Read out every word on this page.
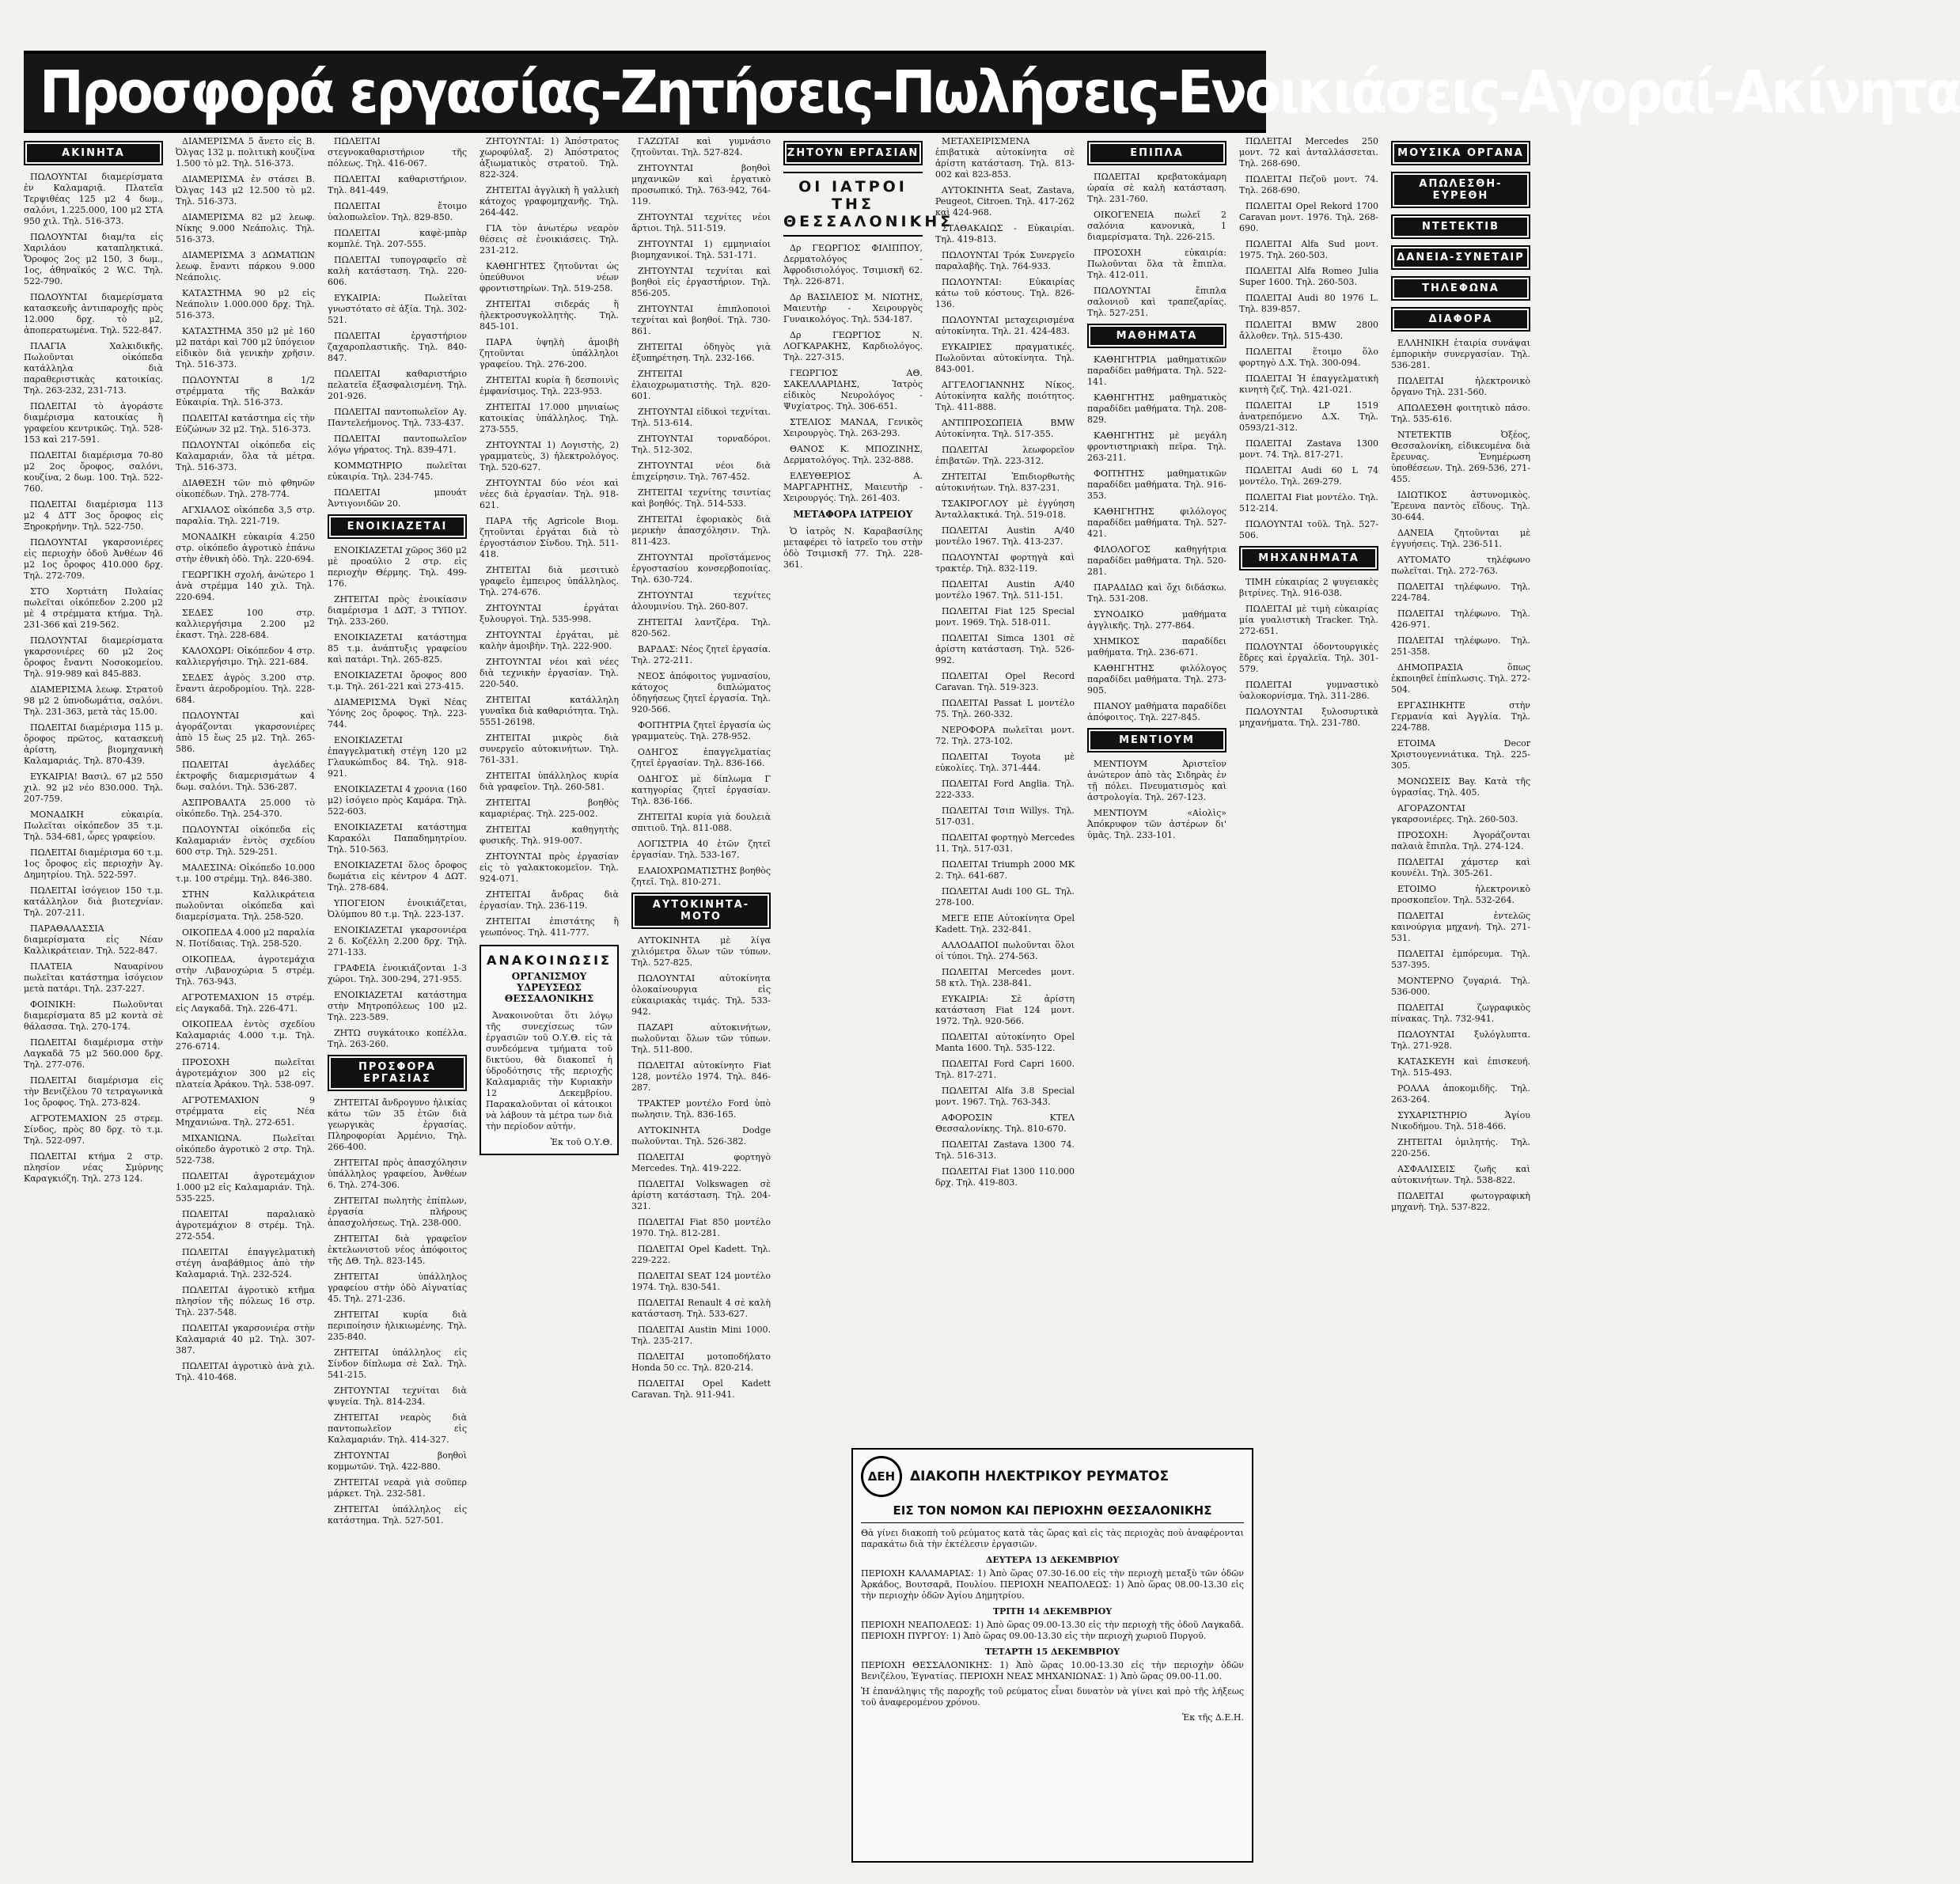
Προσφορά εργασίας-Ζητήσεις-Πωλήσεις-Ενοικιάσεις-Αγοραί-Ακίνητα
ΑΚΙΝΗΤΑ

ΠΩΛΟΥΝΤΑΙ διαμερίσματα ἐν Καλαμαριᾷ. Πλατεῖα Τερψιθέας 125 μ2 4 δωμ., σαλόνι, 1.225.000, 100 μ2 ΣΤΑ 950 χιλ. Τηλ. 516-373.

ΠΩΛΟΥΝΤΑΙ διαμ/τα εἰς Χαριλάου καταπληκτικά. Ὄροφος 2ος μ2 150, 3 δωμ., 1ος, ἀθηναϊκός 2 W.C. Τηλ. 522-790.

ΠΩΛΟΥΝΤΑΙ διαμερίσματα κατασκευῆς ἀντιπαροχῆς πρὸς 12.000 δρχ. τὸ μ2, ἀποπερατωμένα. Τηλ. 522-847.

ΠΛΑΓΙΑ Χαλκιδικῆς. Πωλοῦνται οἰκόπεδα κατάλληλα διὰ παραθεριστικὰς κατοικίας. Τηλ. 263-232, 231-713.

ΠΩΛΕΙΤΑΙ τὸ ἀγοράστε διαμέρισμα κατοικίας ἢ γραφείου κεντρικῶς. Τηλ. 528-153 καὶ 217-591.

ΠΩΛΕΙΤΑΙ διαμέρισμα 70-80 μ2 2ος ὄροφος, σαλόνι, κουζίνα, 2 δωμ. 100. Τηλ. 522-760.

ΠΩΛΕΙΤΑΙ διαμέρισμα 113 μ2 4 ΔΤΤ 3ος ὄροφος εἰς Ξηροκρήνην. Τηλ. 522-750.

ΠΩΛΟΥΝΤΑΙ γκαρσονιέρες εἰς περιοχὴν ὁδοῦ Ἀνθέων 46 μ2 1ος ὄροφος 410.000 δρχ. Τηλ. 272-709.

ΣΤΟ Χορτιάτη Πυλαίας πωλεῖται οἰκόπεδον 2.200 μ2 μὲ 4 στρέμματα κτήμα. Τηλ. 231-366 καὶ 219-562.

ΠΩΛΟΥΝΤΑΙ διαμερίσματα γκαρσονιέρες 60 μ2 2ος ὄροφος ἔναντι Νοσοκομείου. Τηλ. 919-989 καὶ 845-883.

ΔΙΑΜΕΡΙΣΜΑ λεωφ. Στρατοῦ 98 μ2 2 ὑπνοδωμάτια, σαλόνι. Τηλ. 231-363, μετὰ τὰς 15.00.

ΠΩΛΕΙΤΑΙ διαμέρισμα 115 μ. ὄροφος πρῶτος, κατασκευὴ ἀρίστη, βιομηχανικὴ Καλαμαριάς. Τηλ. 870-439.

ΕΥΚΑΙΡΙΑ! Βασιλ. 67 μ2 550 χιλ. 92 μ2 νέο 830.000. Τηλ. 207-759.

ΜΟΝΑΔΙΚΗ εὐκαιρία. Πωλεῖται οἰκόπεδον 35 τ.μ. Τηλ. 534-681, ὧρες γραφείου.

ΠΩΛΕΙΤΑΙ διαμέρισμα 60 τ.μ. 1ος ὄροφος εἰς περιοχὴν Ἀγ. Δημητρίου. Τηλ. 522-597.

ΠΩΛΕΙΤΑΙ ἰσόγειον 150 τ.μ. κατάλληλον διὰ βιοτεχνίαν. Τηλ. 207-211.

ΠΑΡΑΘΑΛΑΣΣΙΑ διαμερίσματα εἰς Νέαν Καλλικράτειαν. Τηλ. 522-847.

ΠΛΑΤΕΙΑ Ναυαρίνου πωλεῖται κατάστημα ἰσόγειον μετὰ πατάρι. Τηλ. 237-227.

ΦΟΙΝΙΚΗ: Πωλοῦνται διαμερίσματα 85 μ2 κοντὰ σὲ θάλασσα. Τηλ. 270-174.

ΠΩΛΕΙΤΑΙ διαμέρισμα στὴν Λαγκαδᾶ 75 μ2 560.000 δρχ. Τηλ. 277-076.

ΠΩΛΕΙΤΑΙ διαμέρισμα εἰς τὴν Βενιζέλου 70 τετραγωνικὰ 1ος ὄροφος. Τηλ. 273-824.

ΑΓΡΟΤΕΜΑΧΙΟΝ 25 στρεμ. Σίνδος, πρὸς 80 δρχ. τὸ τ.μ. Τηλ. 522-097.

ΠΩΛΕΙΤΑΙ κτήμα 2 στρ. πλησίον νέας Σμύρνης Καραγκιόζη. Τηλ. 273 124.

ΔΙΑΜΕΡΙΣΜΑ 5 ἄνετο εἰς Β. Ὀλγας 132 μ. πολιτικὴ κουζίνα 1.500 τὸ μ2. Τηλ. 516-373.

ΔΙΑΜΕΡΙΣΜΑ ἐν στάσει Β. Ὀλγας 143 μ2 12.500 τὸ μ2. Τηλ. 516-373.

ΔΙΑΜΕΡΙΣΜΑ 82 μ2 λεωφ. Νίκης 9.000 Νεάπολις. Τηλ. 516-373.

ΔΙΑΜΕΡΙΣΜΑ 3 ΔΩΜΑΤΙΩΝ λεωφ. ἔναντι πάρκου 9.000 Νεάπολις.

ΚΑΤΑΣΤΗΜΑ 90 μ2 εἰς Νεάπολιν 1.000.000 δρχ. Τηλ. 516-373.

ΚΑΤΑΣΤΗΜΑ 350 μ2 μὲ 160 μ2 πατάρι καὶ 700 μ2 ὑπόγειον εἰδικὸν διὰ γενικὴν χρῆσιν. Τηλ. 516-373.

ΠΩΛΟΥΝΤΑΙ 8 1/2 στρέμματα τῆς Βαλκάν Εὐκαιρία. Τηλ. 516-373.

ΠΩΛΕΙΤΑΙ κατάστημα εἰς τὴν Εὐζώνων 32 μ2. Τηλ. 516-373.

ΠΩΛΟΥΝΤΑΙ οἰκόπεδα εἰς Καλαμαριάν, ὅλα τὰ μέτρα. Τηλ. 516-373.

ΔΙΑΘΕΣΗ τῶν πιὸ φθηνῶν οἰκοπέδων. Τηλ. 278-774.

ΑΓΧΙΑΛΟΣ οἰκόπεδα 3,5 στρ. παραλία. Τηλ. 221-719.

ΜΟΝΑΔΙΚΗ εὐκαιρία 4.250 στρ. οἰκόπεδο ἀγροτικὸ ἐπάνω στὴν ἐθνικὴ ὁδὸ. Τηλ. 220-694.

ΓΕΩΡΓΙΚΗ σχολή, ἀνώτερο 1 ἀνὰ στρέμμα 140 χιλ. Τηλ. 220-694.

ΣΕΔΕΣ 100 στρ. καλλιεργήσιμα 2.200 μ2 ἑκαστ. Τηλ. 228-684.

ΚΑΛΟΧΩΡΙ: Οἰκόπεδον 4 στρ. καλλιεργήσιμο. Τηλ. 221-684.

ΣΕΔΕΣ ἀγρὸς 3.200 στρ. ἔναντι ἀεροδρομίου. Τηλ. 228-684.

ΠΩΛΟΥΝΤΑΙ καὶ ἀγοράζονται γκαρσονιέρες ἀπὸ 15 ἔως 25 μ2. Τηλ. 265-586.

ΠΩΛΕΙΤΑΙ ἀγελάδες ἐκτροφῆς διαμερισμάτων 4 δωμ. σαλόνι. Τηλ. 536-287.

ΑΣΠΡΟΒΑΛΤΑ 25.000 τὸ οἰκόπεδο. Τηλ. 254-370.

ΠΩΛΟΥΝΤΑΙ οἰκόπεδα εἰς Καλαμαριάν ἐντὸς σχεδίου 600 στρ. Τηλ. 529-251.

ΜΑΛΕΣΙΝΑ: Οἰκόπεδο 10.000 τ.μ. 100 στρέμμ. Τηλ. 846-380.

ΣΤΗΝ Καλλικράτεια πωλοῦνται οἰκόπεδα καὶ διαμερίσματα. Τηλ. 258-520.

ΟΙΚΟΠΕΔΑ 4.000 μ2 παραλία Ν. Ποτίδαιας. Τηλ. 258-520.

ΟΙΚΟΠΕΔΑ, ἀγροτεμάχια στὴν Λιβανοχώρια 5 στρέμ. Τηλ. 763-943.

ΑΓΡΟΤΕΜΑΧΙΟΝ 15 στρέμ. εἰς Λαγκαδᾶ. Τηλ. 226-471.

ΟΙΚΟΠΕΔΑ ἐντὸς σχεδίου Καλαμαριάς 4.000 τ.μ. Τηλ. 276-6714.

ΠΡΟΣΟΧΗ πωλεῖται ἀγροτεμάχιον 300 μ2 εἰς πλατεία Ἀράκου. Τηλ. 538-097.

ΑΓΡΟΤΕΜΑΧΙΟΝ 9 στρέμματα εἰς Νέα Μηχανιώνα. Τηλ. 272-651.

ΜΙΧΑΝΙΩΝΑ. Πωλεῖται οἰκόπεδο ἀγροτικὸ 2 στρ. Τηλ. 522-738.

ΠΩΛΕΙΤΑΙ ἀγροτεμάχιον 1.000 μ2 εἰς Καλαμαριάν. Τηλ. 535-225.

ΠΩΛΕΙΤΑΙ παραλιακὸ ἀγροτεμάχιον 8 στρέμ. Τηλ. 272-554.

ΠΩΛΕΙΤΑΙ ἐπαγγελματικὴ στέγη ἀναβάθμιος ἀπὸ τὴν Καλαμαριά. Τηλ. 232-524.

ΠΩΛΕΙΤΑΙ ἀγροτικὸ κτῆμα πλησίον τῆς πόλεως 16 στρ. Τηλ. 237-548.

ΠΩΛΕΙΤΑΙ γκαρσονιέρα στὴν Καλαμαριά 40 μ2. Τηλ. 307-387.

ΠΩΛΕΙΤΑΙ ἀγροτικὸ ἀνὰ χιλ. Τηλ. 410-468.

ΠΩΛΕΙΤΑΙ στεγνοκαθαριστήριον τῆς πόλεως. Τηλ. 416-067.

ΠΩΛΕΙΤΑΙ καθαριστήριον. Τηλ. 841-449.

ΠΩΛΕΙΤΑΙ ἔτοιμο ὑαλοπωλεῖον. Τηλ. 829-850.

ΠΩΛΕΙΤΑΙ καφὲ-μπὰρ κομπλέ. Τηλ. 207-555.

ΠΩΛΕΙΤΑΙ τυπογραφεῖο σὲ καλὴ κατάσταση. Τηλ. 220-606.

ΕΥΚΑΙΡΙΑ: Πωλεῖται γνωστότατο σὲ ἀξία. Τηλ. 302-521.

ΠΩΛΕΙΤΑΙ ἐργαστήριον ζαχαροπλαστικῆς. Τηλ. 840-847.

ΠΩΛΕΙΤΑΙ καθαριστήριο πελατεῖα ἐξασφαλισμένη. Τηλ. 201-926.

ΠΩΛΕΙΤΑΙ παντοπωλεῖον Αγ. Παντελεήμονος. Τηλ. 733-437.

ΠΩΛΕΙΤΑΙ παντοπωλεῖον λόγω γήρατος. Τηλ. 839-471.

ΚΟΜΜΩΤΗΡΙΟ πωλεῖται εὐκαιρία. Τηλ. 234-745.

ΠΩΛΕΙΤΑΙ μπουάτ Ἀντιγονιδῶν 20.

ΕΝΟΙΚΙΑΖΕΤΑΙ

ΕΝΟΙΚΙΑΖΕΤΑΙ χῶρος 360 μ2 μὲ προαύλιο 2 στρ. εἰς περιοχὴν Θέρμης. Τηλ. 499-176.

ΖΗΤΕΙΤΑΙ πρὸς ἐνοικίασιν διαμέρισμα 1 ΔΩΤ, 3 ΤΥΠΟΥ. Τηλ. 233-260.

ΕΝΟΙΚΙΑΖΕΤΑΙ κατάστημα 85 τ.μ. ἀνάπτυξις γραφείου καὶ πατάρι. Τηλ. 265-825.

ΕΝΟΙΚΙΑΖΕΤΑΙ ὄροφος 800 τ.μ. Τηλ. 261-221 καὶ 273-415.

ΔΙΑΜΕΡΙΣΜΑ Ὀγκὶ Νέας Ὑόνης 2ος ὄροφος. Τηλ. 223-744.

ΕΝΟΙΚΙΑΖΕΤΑΙ ἐπαγγελματικὴ στέγη 120 μ2 Γλαυκώπιδος 84. Τηλ. 918-921.

ΕΝΟΙΚΙΑΖΕΤΑΙ 4 χρονια (160 μ2) ἰσόγειο πρὸς Καμάρα. Τηλ. 522-603.

ΕΝΟΙΚΙΑΖΕΤΑΙ κατάστημα Καρακόλι Παπαδημητρίου. Τηλ. 510-563.

ΕΝΟΙΚΙΑΖΕΤΑΙ ὅλος ὄροφος δωμάτια εἰς κέντρον 4 ΔΩΤ. Τηλ. 278-684.

ΥΠΟΓΕΙΟΝ ἐνοικιάζεται, Ὀλύμπου 80 τ.μ. Τηλ. 223-137.

ΕΝΟΙΚΙΑΖΕΤΑΙ γκαρσονιέρα 2 δ. Κοζέλλη 2.200 δρχ. Τηλ. 271-133.

ΓΡΑΦΕΙΑ ἐνοικιάζονται 1-3 χώροι. Τηλ. 300-294, 271-955.

ΕΝΟΙΚΙΑΖΕΤΑΙ κατάστημα στὴν Μητροπόλεως 100 μ2. Τηλ. 223-589.

ΖΗΤΩ συγκάτοικο κοπέλλα. Τηλ. 263-260.

ΠΡΟΣΦΟΡΑ ΕΡΓΑΣΙΑΣ

ΖΗΤΕΙΤΑΙ ἄνδρογυνο ἡλικίας κάτω τῶν 35 ἐτῶν διὰ γεωργικὰς ἐργασίας. Πληροφορίαι Ἀρμένιο, Τηλ. 266-400.

ΖΗΤΕΙΤΑΙ πρὸς ἀπασχόλησιν ὑπάλληλος γραφείου, Ἀνθέων 6. Τηλ. 274-306.

ΖΗΤΕΙΤΑΙ πωλητὴς ἐπίπλων, ἐργασία πλήρους ἀπασχολήσεως. Τηλ. 238-000.

ΖΗΤΕΙΤΑΙ διὰ γραφεῖον ἐκτελωνιστοῦ νέος ἀπόφοιτος τῆς ΔΘ. Τηλ. 823-145.

ΖΗΤΕΙΤΑΙ ὑπάλληλος γραφείου στὴν ὁδὸ Αἰγνατίας 45. Τηλ. 271-236.

ΖΗΤΕΙΤΑΙ κυρία διὰ περιποίησιν ἡλικιωμένης. Τηλ. 235-840.

ΖΗΤΕΙΤΑΙ ὑπάλληλος εἰς Σίνδον δίπλωμα σὲ Σαλ. Τηλ. 541-215.

ΖΗΤΟΥΝΤΑΙ τεχνίται διὰ ψυγεία. Τηλ. 814-234.

ΖΗΤΕΙΤΑΙ νεαρὸς διὰ παντοπωλεῖον εἰς Καλαμαριάν. Τηλ. 414-327.

ΖΗΤΟΥΝΤΑΙ βοηθοὶ κομμωτῶν. Τηλ. 422-880.

ΖΗΤΕΙΤΑΙ νεαρὰ γιὰ σοῦπερ μάρκετ. Τηλ. 232-581.

ΖΗΤΕΙΤΑΙ ὑπάλληλος εἰς κατάστημα. Τηλ. 527-501.

ΖΗΤΟΥΝΤΑΙ: 1) Ἀπόστρατος χωροφύλαξ. 2) Ἀπόστρατος ἀξιωματικὸς στρατοῦ. Τηλ. 822-324.

ΖΗΤΕΙΤΑΙ ἀγγλικὴ ἢ γαλλικὴ κάτοχος γραφομηχανῆς. Τηλ. 264-442.

ΓΙΑ τὸν ἀνωτέρω νεαρὸν θέσεις σὲ ἐνοικιάσεις. Τηλ. 231-212.

ΚΑΘΗΓΗΤΕΣ ζητοῦνται ὡς ὑπεύθυνοι νέων φροντιστηρίων. Τηλ. 519-258.

ΖΗΤΕΙΤΑΙ σιδεράς ἢ ἡλεκτροσυγκολλητὴς. Τηλ. 845-101.

ΠΑΡΑ ὑψηλὴ ἀμοιβὴ ζητοῦνται ὑπάλληλοι γραφείου. Τηλ. 276-200.

ΖΗΤΕΙΤΑΙ κυρία ἢ δεσποινὶς ἐμφανίσιμος. Τηλ. 223-953.

ΖΗΤΕΙΤΑΙ 17.000 μηνιαίως κατοικίας ὑπάλληλος. Τηλ. 273-555.

ΖΗΤΟΥΝΤΑΙ 1) Λογιστὴς, 2) γραμματεὺς, 3) ἡλεκτρολόγος. Τηλ. 520-627.

ΖΗΤΟΥΝΤΑΙ δύο νέοι καὶ νέες διὰ ἐργασίαν. Τηλ. 918-621.

ΠΑΡΑ τῆς Agricole Βιομ. ζητοῦνται ἐργάται διὰ τὸ ἐργοστάσιον Σίνδου. Τηλ. 511-418.

ΖΗΤΕΙΤΑΙ διὰ μεσιτικὸ γραφεῖο ἐμπειρος ὑπάλληλος. Τηλ. 274-676.

ΖΗΤΟΥΝΤΑΙ ἐργάται ξυλουργοὶ. Τηλ. 535-998.

ΖΗΤΟΥΝΤΑΙ ἐργάται, μὲ καλὴν ἀμοιβὴν. Τηλ. 222-900.

ΖΗΤΟΥΝΤΑΙ νέοι καὶ νέες διὰ τεχνικὴν ἐργασίαν. Τηλ. 220-540.

ΖΗΤΕΙΤΑΙ κατάλληλη γυναῖκα διὰ καθαριότητα. Τηλ. 5551-26198.

ΖΗΤΕΙΤΑΙ μικρὸς διὰ συνεργεῖο αὐτοκινήτων. Τηλ. 761-331.

ΖΗΤΕΙΤΑΙ ὑπάλληλος κυρία διὰ γραφεῖον. Τηλ. 260-581.

ΖΗΤΕΙΤΑΙ βοηθὸς καμαριέρας. Τηλ. 225-002.

ΖΗΤΕΙΤΑΙ καθηγητὴς φυσικῆς. Τηλ. 919-007.

ΖΗΤΟΥΝΤΑΙ πρὸς ἐργασίαν εἰς τὸ γαλακτοκομεῖον. Τηλ. 924-071.

ΖΗΤΕΙΤΑΙ ἄνδρας διὰ ἐργασίαν. Τηλ. 236-119.

ΖΗΤΕΙΤΑΙ ἐπιστάτης ἢ γεωπόνος. Τηλ. 411-777.

ΑΝΑΚΟΙΝΩΣΙΣ
ΟΡΓΑΝΙΣΜΟΥ ΥΔΡΕΥΣΕΩΣ ΘΕΣΣΑΛΟΝΙΚΗΣ
Ἀνακοινοῦται ὅτι λόγῳ τῆς συνεχίσεως τῶν ἐργασιῶν τοῦ Ο.Υ.Θ. εἰς τὰ συνδεόμενα τμήματα τοῦ δικτύου, θὰ διακοπεῖ ἡ ὑδροδότησις τῆς περιοχῆς Καλαμαριᾶς τὴν Κυριακὴν 12 Δεκεμβρίου. Παρακαλοῦνται οἱ κάτοικοι νὰ λάβουν τὰ μέτρα των διὰ τὴν περίοδον αὐτήν.
Ἐκ τοῦ Ο.Υ.Θ.

ΓΑΖΩΤΑΙ καὶ γυμνάσιο ζητοῦνται. Τηλ. 527-824.

ΖΗΤΟΥΝΤΑΙ βοηθοὶ μηχανικῶν καὶ ἐργατικὸ προσωπικό. Τηλ. 763-942, 764-119.

ΖΗΤΟΥΝΤΑΙ τεχνίτες νέοι ἄρτιοι. Τηλ. 511-519.

ΖΗΤΟΥΝΤΑΙ 1) εμμηνιαίοι βιομηχανικοί. Τηλ. 531-171.

ΖΗΤΟΥΝΤΑΙ τεχνίται καὶ βοηθοὶ εἰς ἐργαστήριον. Τηλ. 856-205.

ΖΗΤΟΥΝΤΑΙ ἐπιπλοποιοὶ τεχνίται καὶ βοηθοί. Τηλ. 730-861.

ΖΗΤΕΙΤΑΙ ὁδηγὸς γιὰ ἐξυπηρέτηση. Τηλ. 232-166.

ΖΗΤΕΙΤΑΙ ἐλαιοχρωματιστὴς. Τηλ. 820-601.

ΖΗΤΟΥΝΤΑΙ εἰδικοὶ τεχνίται. Τηλ. 513-614.

ΖΗΤΟΥΝΤΑΙ τορναδόροι. Τηλ. 512-302.

ΖΗΤΟΥΝΤΑΙ νέοι διὰ ἐπιχείρησιν. Τηλ. 767-452.

ΖΗΤΕΙΤΑΙ τεχνίτης τσιντίας καὶ βοηθός. Τηλ. 514-533.

ΖΗΤΕΙΤΑΙ ἐφοριακὸς διὰ μερικὴν ἀπασχόλησιν. Τηλ. 811-423.

ΖΗΤΟΥΝΤΑΙ προϊστάμενος ἐργοστασίου κονσερβοποιίας. Τηλ. 630-724.

ΖΗΤΟΥΝΤΑΙ τεχνίτες ἀλουμινίου. Τηλ. 260-807.

ΖΗΤΕΙΤΑΙ λαντζέρα. Τηλ. 820-562.

ΒΑΡΔΑΣ: Νέος ζητεῖ ἐργασία. Τηλ. 272-211.

ΝΕΟΣ ἀπόφοιτος γυμνασίου, κάτοχος διπλώματος ὁδηγήσεως ζητεῖ ἐργασία. Τηλ. 920-566.

ΦΟΙΤΗΤΡΙΑ ζητεῖ ἐργασία ὡς γραμματεὺς. Τηλ. 278-952.

ΟΔΗΓΟΣ ἐπαγγελματίας ζητεῖ ἐργασίαν. Τηλ. 836-166.

ΟΔΗΓΟΣ μὲ δίπλωμα Γ κατηγορίας ζητεῖ ἐργασίαν. Τηλ. 836-166.

ΖΗΤΕΙΤΑΙ κυρία γιὰ δουλειὰ σπιτιοῦ. Τηλ. 811-088.

ΛΟΓΙΣΤΡΙΑ 40 ἐτῶν ζητεῖ ἐργασίαν. Τηλ. 533-167.

ΕΛΑΙΟΧΡΩΜΑΤΙΣΤΗΣ βοηθὸς ζητεῖ. Τηλ. 810-271.

ΑΥΤΟΚΙΝΗΤΑ-ΜΟΤΟ

ΑΥΤΟΚΙΝΗΤΑ μὲ λίγα χιλιόμετρα ὅλων τῶν τύπων. Τηλ. 527-825.

ΠΩΛΟΥΝΤΑΙ αὐτοκίνητα ὁλοκαίνουργια εἰς εὐκαιριακὰς τιμάς. Τηλ. 533-942.

ΠΑΖΑΡΙ αὐτοκινήτων, πωλοῦνται ὅλων τῶν τύπων. Τηλ. 511-800.

ΠΩΛΕΙΤΑΙ αὐτοκίνητο Fiat 128, μοντέλο 1974. Τηλ. 846-287.

ΤΡΑΚΤΕΡ μοντέλο Ford ὑπὸ πωλησιν. Τηλ. 836-165.

ΑΥΤΟΚΙΝΗΤΑ Dodge πωλοῦνται. Τηλ. 526-382.

ΠΩΛΕΙΤΑΙ φορτηγὸ Mercedes. Τηλ. 419-222.

ΠΩΛΕΙΤΑΙ Volkswagen σὲ ἀρίστη κατάσταση. Τηλ. 204-321.

ΠΩΛΕΙΤΑΙ Fiat 850 μοντέλο 1970. Τηλ. 812-281.

ΠΩΛΕΙΤΑΙ Opel Kadett. Τηλ. 229-222.

ΠΩΛΕΙΤΑΙ SEAT 124 μοντέλο 1974. Τηλ. 830-541.

ΠΩΛΕΙΤΑΙ Renault 4 σὲ καλὴ κατάσταση. Τηλ. 533-627.

ΠΩΛΕΙΤΑΙ Austin Mini 1000. Τηλ. 235-217.

ΠΩΛΕΙΤΑΙ μοτοποδήλατο Honda 50 cc. Τηλ. 820-214.

ΠΩΛΕΙΤΑΙ Opel Kadett Caravan. Τηλ. 911-941.

ΖΗΤΟΥΝ ΕΡΓΑΣΙΑΝ
ΟΙ ΙΑΤΡΟΙ ΤΗΣ ΘΕΣΣΑΛΟΝΙΚΗΣ

Δρ ΓΕΩΡΓΙΟΣ ΦΙΛΙΠΠΟΥ, Δερματολόγος - Ἀφροδισιολόγος. Τσιμισκῆ 62. Τηλ. 226-871.

Δρ ΒΑΣΙΛΕΙΟΣ Μ. ΝΙΩΤΗΣ, Μαιευτὴρ - Χειρουργὸς Γυναικολόγος. Τηλ. 534-187.

Δρ ΓΕΩΡΓΙΟΣ Ν. ΛΟΓΚΑΡΑΚΗΣ, Καρδιολόγος. Τηλ. 227-315.

ΓΕΩΡΓΙΟΣ ΑΘ. ΣΑΚΕΛΛΑΡΙΔΗΣ, Ἰατρὸς εἰδικὸς Νευρολόγος - Ψυχίατρος. Τηλ. 306-651.

ΣΤΕΛΙΟΣ ΜΑΝΔΑ, Γενικὸς Χειρουργὸς. Τηλ. 263-293.

ΘΑΝΟΣ Κ. ΜΠΟΖΙΝΗΣ, Δερματολόγος. Τηλ. 232-888.

ΕΛΕΥΘΕΡΙΟΣ Α. ΜΑΡΓΑΡΗΤΗΣ, Μαιευτὴρ - Χειρουργός. Τηλ. 261-403.

ΜΕΤΑΦΟΡΑ ΙΑΤΡΕΙΟΥ
Ὁ ἰατρὸς Ν. Καραβασίλης μεταφέρει τὸ ἰατρεῖο του στὴν ὁδὸ Τσιμισκῆ 77. Τηλ. 228-361.

ΜΕΤΑΧΕΙΡΙΣΜΕΝΑ ἐπιβατικὰ αὐτοκίνητα σὲ ἀρίστη κατάσταση. Τηλ. 813-002 καὶ 823-853.

ΑΥΤΟΚΙΝΗΤΑ Seat, Zastava, Peugeot, Citroen. Τηλ. 417-262 καὶ 424-968.

ΣΤΑΘΑΚΑΙΩΣ - Εὐκαιρίαι. Τηλ. 419-813.

ΠΩΛΟΥΝΤΑΙ Τρόκ Συνεργεῖο παραλαβῆς. Τηλ. 764-933.

ΠΩΛΟΥΝΤΑΙ: Εὐκαιρίας κάτω τοῦ κόστους. Τηλ. 826-136.

ΠΩΛΟΥΝΤΑΙ μεταχειρισμένα αὐτοκίνητα. Τηλ. 21. 424-483.

ΕΥΚΑΙΡΙΕΣ πραγματικές. Πωλοῦνται αὐτοκίνητα. Τηλ. 843-001.

ΑΓΓΕΛΟΓΙΑΝΝΗΣ Νίκος. Αὐτοκίνητα καλῆς ποιότητος. Τηλ. 411-888.

ΑΝΤΙΠΡΟΣΩΠΕΙΑ BMW Αὐτοκίνητα. Τηλ. 517-355.

ΠΩΛΕΙΤΑΙ λεωφορεῖον ἐπιβατῶν. Τηλ. 223-312.

ΖΗΤΕΙΤΑΙ Ἐπιδιορθωτὴς αὐτοκινήτων. Τηλ. 837-231.

ΤΣΑΚΙΡΟΓΛΟΥ μὲ ἐγγύηση Ἀνταλλακτικά. Τηλ. 519-018.

ΠΩΛΕΙΤΑΙ Austin A/40 μοντέλο 1967. Τηλ. 413-237.

ΠΩΛΟΥΝΤΑΙ φορτηγὰ καὶ τρακτέρ. Τηλ. 832-119.

ΠΩΛΕΙΤΑΙ Austin A/40 μοντέλο 1967. Τηλ. 511-151.

ΠΩΛΕΙΤΑΙ Fiat 125 Special μοντ. 1969. Τηλ. 518-011.

ΠΩΛΕΙΤΑΙ Simca 1301 σὲ ἀρίστη κατάσταση. Τηλ. 526-992.

ΠΩΛΕΙΤΑΙ Opel Record Caravan. Τηλ. 519-323.

ΠΩΛΕΙΤΑΙ Passat L μοντέλο 75. Τηλ. 260-332.

ΝΕΡΟΦΟΡΑ πωλεῖται μοντ. 72. Τηλ. 273-102.

ΠΩΛΕΙΤΑΙ Toyota μὲ εὐκολίες. Τηλ. 371-444.

ΠΩΛΕΙΤΑΙ Ford Anglia. Τηλ. 222-333.

ΠΩΛΕΙΤΑΙ Τσιπ Willys. Τηλ. 517-031.

ΠΩΛΕΙΤΑΙ φορτηγὸ Mercedes 11. Τηλ. 517-031.

ΠΩΛΕΙΤΑΙ Triumph 2000 ΜΚ 2. Τηλ. 641-687.

ΠΩΛΕΙΤΑΙ Audi 100 GL. Τηλ. 278-100.

ΜΕΓΕ ΕΠΕ Αὐτοκίνητα Opel Kadett. Τηλ. 232-841.

ΑΛΛΟΔΑΠΟΙ πωλοῦνται ὅλοι οἱ τύποι. Τηλ. 274-563.

ΠΩΛΕΙΤΑΙ Mercedes μοντ. 58 κτλ. Τηλ. 238-841.

ΕΥΚΑΙΡΙΑ: Σὲ ἀρίστη κατάσταση Fiat 124 μοντ. 1972. Τηλ. 920-566.

ΠΩΛΕΙΤΑΙ αὐτοκίνητο Opel Manta 1600. Τηλ. 535-122.

ΠΩΛΕΙΤΑΙ Ford Capri 1600. Τηλ. 817-271.

ΠΩΛΕΙΤΑΙ Alfa 3.8 Special μοντ. 1967. Τηλ. 763-343.

ΑΦΟΡΟΣΙΝ ΚΤΕΛ Θεσσαλονίκης. Τηλ. 810-670.

ΠΩΛΕΙΤΑΙ Zastava 1300 74. Τηλ. 516-313.

ΠΩΛΕΙΤΑΙ Fiat 1300 110.000 δρχ. Τηλ. 419-803.

ΕΠΙΠΛΑ

ΠΩΛΕΙΤΑΙ κρεβατοκάμαρη ὡραία σὲ καλὴ κατάσταση. Τηλ. 231-760.

ΟΙΚΟΓΕΝΕΙΑ πωλεῖ 2 σαλόνια κανονικὰ, 1 διαμερίσματα. Τηλ. 226-215.

ΠΡΟΣΟΧΗ εὐκαιρία: Πωλοῦνται ὅλα τὰ ἔπιπλα. Τηλ. 412-011.

ΠΩΛΟΥΝΤΑΙ ἔπιπλα σαλονιοῦ καὶ τραπεζαρίας. Τηλ. 527-251.

ΜΑΘΗΜΑΤΑ

ΚΑΘΗΓΗΤΡΙΑ μαθηματικῶν παραδίδει μαθήματα. Τηλ. 522-141.

ΚΑΘΗΓΗΤΗΣ μαθηματικὸς παραδίδει μαθήματα. Τηλ. 208-829.

ΚΑΘΗΓΗΤΗΣ μὲ μεγάλη φροντιστηριακὴ πεῖρα. Τηλ. 263-211.

ΦΟΙΤΗΤΗΣ μαθηματικῶν παραδίδει μαθήματα. Τηλ. 916-353.

ΚΑΘΗΓΗΤΗΣ φιλόλογος παραδίδει μαθήματα. Τηλ. 527-421.

ΦΙΛΟΛΟΓΟΣ καθηγήτρια παραδίδει μαθήματα. Τηλ. 520-281.

ΠΑΡΑΔΙΔΩ καὶ ὄχι διδάσκω. Τηλ. 531-208.

ΣΥΝΟΔΙΚΟ μαθήματα ἀγγλικῆς. Τηλ. 277-864.

ΧΗΜΙΚΟΣ παραδίδει μαθήματα. Τηλ. 236-671.

ΚΑΘΗΓΗΤΗΣ φιλόλογος παραδίδει μαθήματα. Τηλ. 273-905.

ΠΙΑΝΟΥ μαθήματα παραδίδει ἀπόφοιτος. Τηλ. 227-845.

ΜΕΝΤΙΟΥΜ

ΜΕΝΤΙΟΥΜ Ἀριστεῖον ἀνώτερον ἀπὸ τὰς Σιδηρὰς ἐν τῇ πόλει. Πνευματισμὸς καὶ ἀστρολογία. Τηλ. 267-123.

ΜΕΝΤΙΟΥΜ «Αἰολὶς» Ἀπόκρυφον τῶν ἀστέρων δι' ὑμᾶς. Τηλ. 233-101.

ΠΩΛΕΙΤΑΙ Mercedes 250 μοντ. 72 καὶ ἀνταλλάσσεται. Τηλ. 268-690.

ΠΩΛΕΙΤΑΙ Πεζοῦ μοντ. 74. Τηλ. 268-690.

ΠΩΛΕΙΤΑΙ Opel Rekord 1700 Caravan μοντ. 1976. Τηλ. 268-690.

ΠΩΛΕΙΤΑΙ Alfa Sud μοντ. 1975. Τηλ. 260-503.

ΠΩΛΕΙΤΑΙ Alfa Romeo Julia Super 1600. Τηλ. 260-503.

ΠΩΛΕΙΤΑΙ Audi 80 1976 L. Τηλ. 839-857.

ΠΩΛΕΙΤΑΙ BMW 2800 ἄλλοθεν. Τηλ. 515-430.

ΠΩΛΕΙΤΑΙ ἕτοιμο ὅλο φορτηγὸ Δ.Χ. Τηλ. 300-094.

ΠΩΛΕΙΤΑΙ Ἡ ἐπαγγελματικὴ κινητὴ ζεζ. Τηλ. 421-021.

ΠΩΛΕΙΤΑΙ LP 1519 ἀνατρεπόμενο Δ.Χ. Τηλ. 0593/21-312.

ΠΩΛΕΙΤΑΙ Zastava 1300 μοντ. 74. Τηλ. 817-271.

ΠΩΛΕΙΤΑΙ Audi 60 L 74 μοντέλο. Τηλ. 269-279.

ΠΩΛΕΙΤΑΙ Fiat μοντέλο. Τηλ. 512-214.

ΠΩΛΟΥΝΤΑΙ τοῦλ. Τηλ. 527-506.

ΜΗΧΑΝΗΜΑΤΑ

ΤΙΜΗ εὐκαιρίας 2 ψυγειακὲς βιτρίνες. Τηλ. 916-038.

ΠΩΛΕΙΤΑΙ μὲ τιμὴ εὐκαιρίας μία γυαλιστικὴ Tracker. Τηλ. 272-651.

ΠΩΛΟΥΝΤΑΙ ὁδοντουργικὲς ἔδρες καὶ ἐργαλεῖα. Τηλ. 301-579.

ΠΩΛΕΙΤΑΙ γυμναστικὸ ὑαλοκορνίσμα. Τηλ. 311-286.

ΠΩΛΟΥΝΤΑΙ ξυλοσυρτικὰ μηχανήματα. Τηλ. 231-780.

ΜΟΥΣΙΚΑ ΟΡΓΑΝΑ
ΑΠΩΛΕΣΘΗ-ΕΥΡΕΘΗ
ΝΤΕΤΕΚΤΙΒ
ΔΑΝΕΙΑ-ΣΥΝΕΤΑΙΡ
ΤΗΛΕΦΩΝΑ
ΔΙΑΦΟΡΑ

ΕΛΛΗΝΙΚΗ ἑταιρία συνάψαι ἐμπορικὴν συνεργασίαν. Τηλ. 536-281.

ΠΩΛΕΙΤΑΙ ἡλεκτρονικὸ ὄργανο Τηλ. 231-560.

ΑΠΩΛΕΣΘΗ φοιτητικὸ πάσο. Τηλ. 535-616.

ΝΤΕΤΕΚΤΙΒ Ὀξέος, Θεσσαλονίκη, εἰδικευμένα διὰ ἔρευνας. Ἐνημέρωση ὑποθέσεων. Τηλ. 269-536, 271-455.

ΙΔΙΩΤΙΚΟΣ ἀστυνομικὸς. Ἔρευνα παντὸς εἴδους. Τηλ. 30-644.

ΔΑΝΕΙΑ ζητοῦνται μὲ ἐγγυήσεις. Τηλ. 236-511.

ΑΥΤΟΜΑΤΟ τηλέφωνο πωλεῖται. Τηλ. 272-763.

ΠΩΛΕΙΤΑΙ τηλέφωνο. Τηλ. 224-784.

ΠΩΛΕΙΤΑΙ τηλέφωνο. Τηλ. 426-971.

ΠΩΛΕΙΤΑΙ τηλέφωνο. Τηλ. 251-358.

ΔΗΜΟΠΡΑΣΙΑ ὅπως ἐκποιηθεῖ ἐπίπλωσις. Τηλ. 272-504.

ΕΡΓΑΣΙΗΚΗΤΕ στὴν Γερμανία καὶ Ἀγγλία. Τηλ. 224-788.

ΕΤΟΙΜΑ Decor Χριστουγεννιάτικα. Τηλ. 225-305.

ΜΟΝΩΣΕΙΣ Bay. Κατὰ τῆς ὑγρασίας. Τηλ. 405.

ΑΓΟΡΑΖΟΝΤΑΙ γκαρσονιέρες. Τηλ. 260-503.

ΠΡΟΣΟΧΗ: Ἀγοράζονται παλαιὰ ἔπιπλα. Τηλ. 274-124.

ΠΩΛΕΙΤΑΙ χάμστερ καὶ κουνέλι. Τηλ. 305-261.

ΕΤΟΙΜΟ ἡλεκτρονικὸ προσκοπεῖον. Τηλ. 532-264.

ΠΩΛΕΙΤΑΙ ἐντελῶς καινούργια μηχανὴ. Τηλ. 271-531.

ΠΩΛΕΙΤΑΙ ἐμπόρευμα. Τηλ. 537-395.

ΜΟΝΤΕΡΝΟ ζυγαριά. Τηλ. 536-000.

ΠΩΛΕΙΤΑΙ ζωγραφικὸς πίνακας. Τηλ. 732-941.

ΠΩΛΟΥΝΤΑΙ ξυλόγλυπτα. Τηλ. 271-928.

ΚΑΤΑΣΚΕΥΗ καὶ ἐπισκευή. Τηλ. 515-493.

ΡΟΛΛΑ ἀποκομιδῆς. Τηλ. 263-264.

ΣΥΧΑΡΙΣΤΗΡΙΟ Ἀγίου Νικοδήμου. Τηλ. 518-466.

ΖΗΤΕΙΤΑΙ ὁμιλητής. Τηλ. 220-256.

ΑΣΦΑΛΙΣΕΙΣ ζωῆς καὶ αὐτοκινήτων. Τηλ. 538-822.

ΠΩΛΕΙΤΑΙ φωτογραφικὴ μηχανὴ. Τηλ. 537-822.

ΔΕΗ	ΔΙΑΚΟΠΗ ΗΛΕΚΤΡΙΚΟΥ ΡΕΥΜΑΤΟΣ
ΕΙΣ ΤΟΝ ΝΟΜΟΝ ΚΑΙ ΠΕΡΙΟΧΗΝ ΘΕΣΣΑΛΟΝΙΚΗΣ

Θὰ γίνει διακοπὴ τοῦ ρεύματος κατὰ τὰς ὥρας καὶ εἰς τὰς περιοχὰς ποὺ ἀναφέρονται παρακάτω διὰ τὴν ἐκτέλεσιν ἐργασιῶν.

ΔΕΥΤΕΡΑ 13 ΔΕΚΕΜΒΡΙΟΥ

ΠΕΡΙΟΧΗ ΚΑΛΑΜΑΡΙΑΣ: 1) Ἀπὸ ὥρας 07.30-16.00 εἰς τὴν περιοχὴ μεταξὺ τῶν ὁδῶν Ἀρκάδος, Βουτσαρᾶ, Πουλίου. ΠΕΡΙΟΧΗ ΝΕΑΠΟΛΕΩΣ: 1) Ἀπὸ ὥρας 08.00-13.30 εἰς τὴν περιοχὴν ὁδῶν Ἀγίου Δημητρίου.

ΤΡΙΤΗ 14 ΔΕΚΕΜΒΡΙΟΥ

ΠΕΡΙΟΧΗ ΝΕΑΠΟΛΕΩΣ: 1) Ἀπὸ ὥρας 09.00-13.30 εἰς τὴν περιοχὴ τῆς ὁδοῦ Λαγκαδᾶ. ΠΕΡΙΟΧΗ ΠΥΡΓΟΥ: 1) Ἀπὸ ὥρας 09.00-13.30 εἰς τὴν περιοχὴ χωριοῦ Πυργοῦ.

ΤΕΤΑΡΤΗ 15 ΔΕΚΕΜΒΡΙΟΥ

ΠΕΡΙΟΧΗ ΘΕΣΣΑΛΟΝΙΚΗΣ: 1) Ἀπὸ ὥρας 10.00-13.30 εἰς τὴν περιοχὴν ὁδῶν Βενιζέλου, Ἐγνατίας. ΠΕΡΙΟΧΗ ΝΕΑΣ ΜΗΧΑΝΙΩΝΑΣ: 1) Ἀπὸ ὥρας 09.00-11.00.

Ἡ ἐπανάληψις τῆς παροχῆς τοῦ ρεύματος εἶναι δυνατὸν νὰ γίνει καὶ πρὸ τῆς λήξεως τοῦ ἀναφερομένου χρόνου.

Ἐκ τῆς Δ.Ε.Η.
